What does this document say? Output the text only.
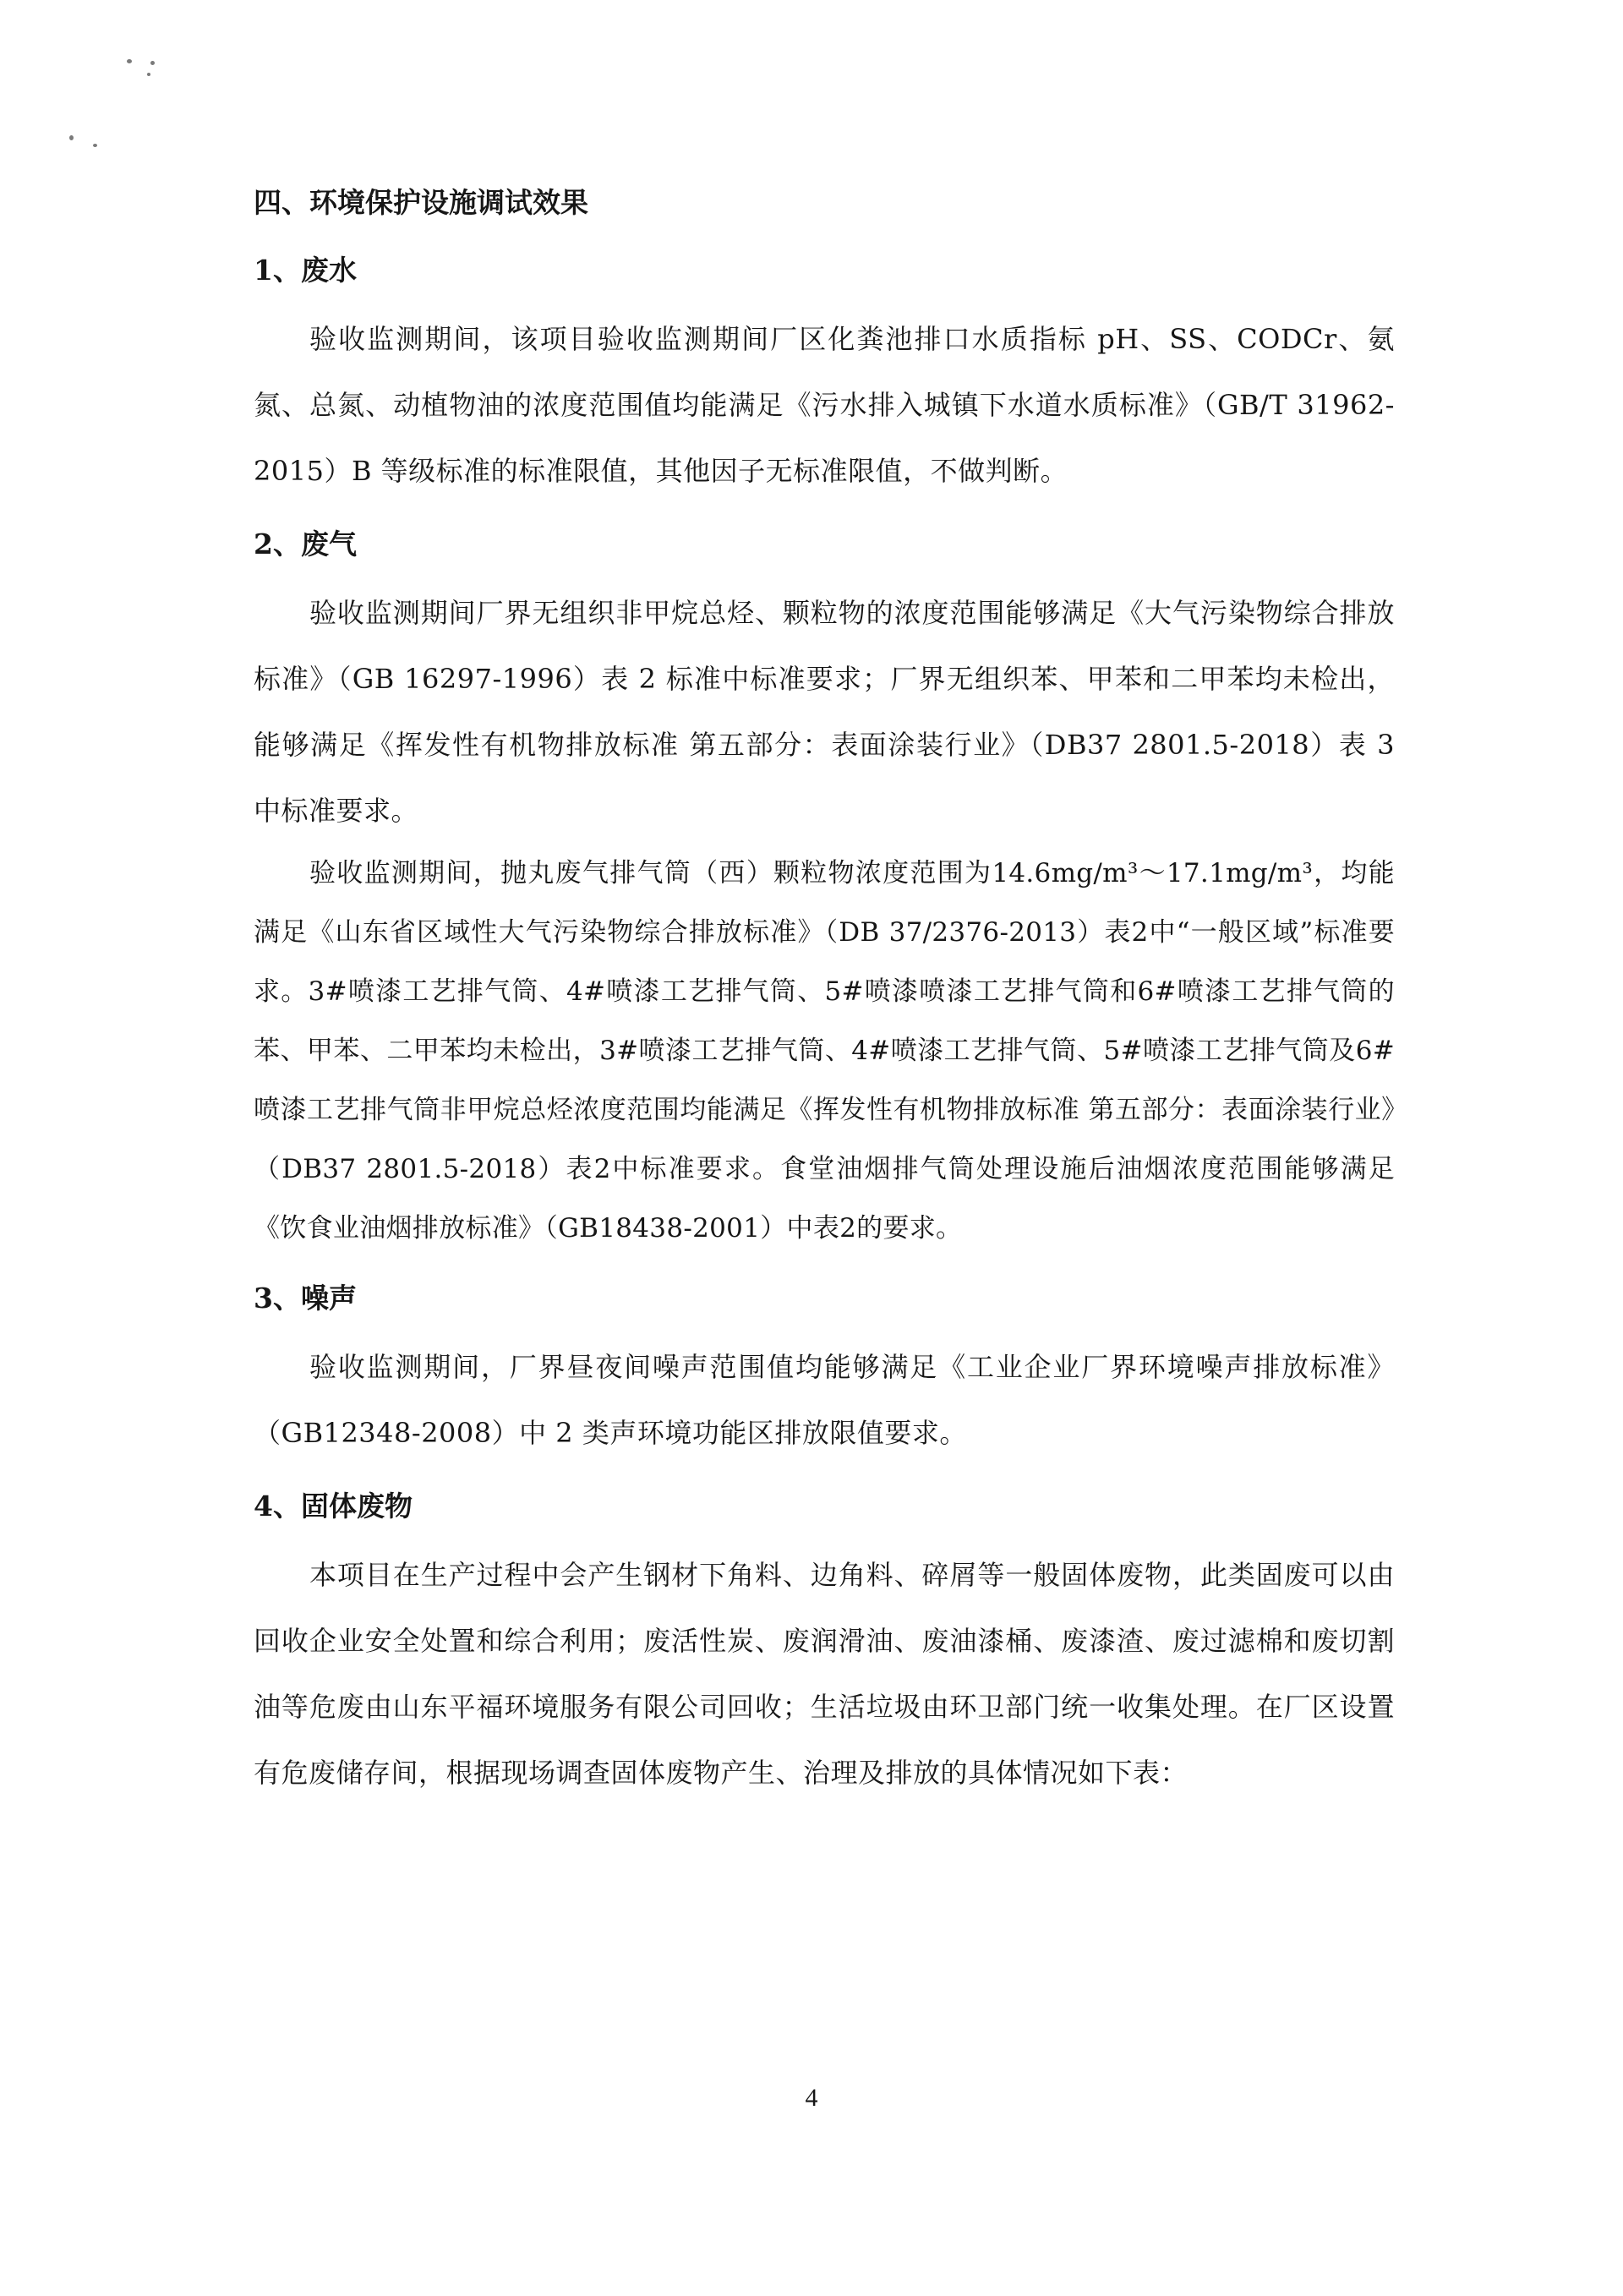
四、环境保护设施调试效果
1、废水

验收监测期间，该项目验收监测期间厂区化粪池排口水质指标 pH、SS、CODCr、氨氮、总氮、动植物油的浓度范围值均能满足《污水排入城镇下水道水质标准》（GB/T 31962-2015）B 等级标准的标准限值，其他因子无标准限值，不做判断。

2、废气

验收监测期间厂界无组织非甲烷总烃、颗粒物的浓度范围能够满足《大气污染物综合排放标准》（GB 16297-1996）表 2 标准中标准要求；厂界无组织苯、甲苯和二甲苯均未检出，能够满足《挥发性有机物排放标准 第五部分：表面涂装行业》（DB37 2801.5-2018）表 3 中标准要求。

验收监测期间，抛丸废气排气筒（西）颗粒物浓度范围为14.6mg/m³～17.1mg/m³，均能满足《山东省区域性大气污染物综合排放标准》（DB 37/2376-2013）表2中“一般区域”标准要求。3#喷漆工艺排气筒、4#喷漆工艺排气筒、5#喷漆喷漆工艺排气筒和6#喷漆工艺排气筒的苯、甲苯、二甲苯均未检出，3#喷漆工艺排气筒、4#喷漆工艺排气筒、5#喷漆工艺排气筒及6#喷漆工艺排气筒非甲烷总烃浓度范围均能满足《挥发性有机物排放标准 第五部分：表面涂装行业》（DB37 2801.5-2018）表2中标准要求。食堂油烟排气筒处理设施后油烟浓度范围能够满足《饮食业油烟排放标准》（GB18438-2001）中表2的要求。

3、噪声

验收监测期间，厂界昼夜间噪声范围值均能够满足《工业企业厂界环境噪声排放标准》（GB12348-2008）中 2 类声环境功能区排放限值要求。

4、固体废物

本项目在生产过程中会产生钢材下角料、边角料、碎屑等一般固体废物，此类固废可以由回收企业安全处置和综合利用；废活性炭、废润滑油、废油漆桶、废漆渣、废过滤棉和废切割油等危废由山东平福环境服务有限公司回收；生活垃圾由环卫部门统一收集处理。在厂区设置有危废储存间，根据现场调查固体废物产生、治理及排放的具体情况如下表：

4
